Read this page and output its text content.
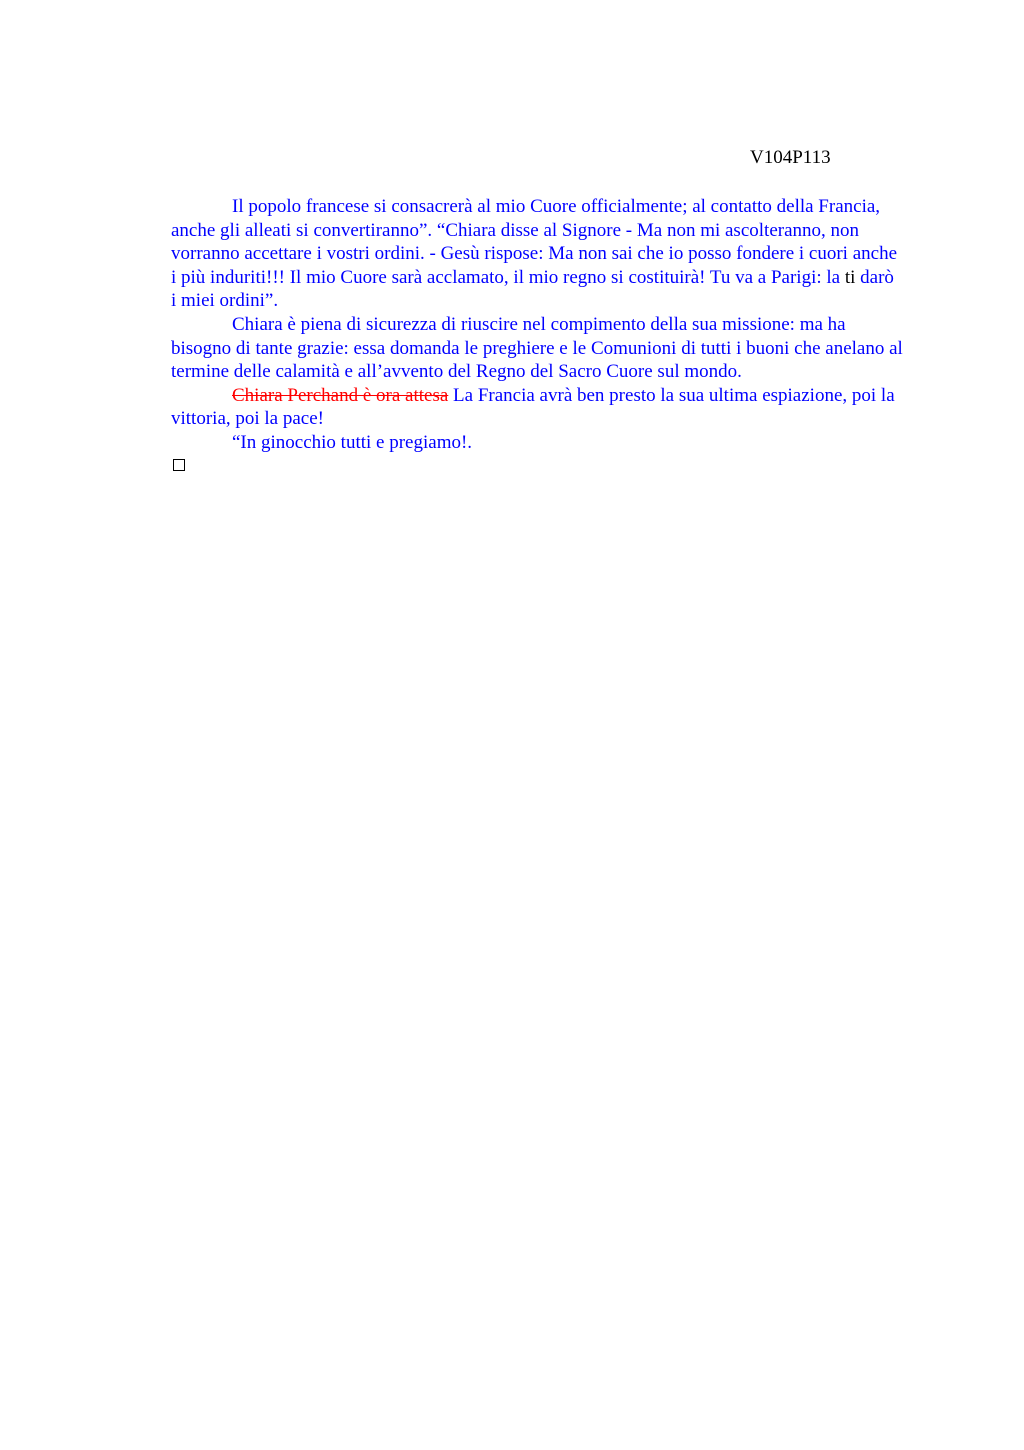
V104P113

Il popolo francese si consacrerà al mio Cuore officialmente; al contatto della Francia, anche gli alleati si convertiranno”. “Chiara disse al Signore - Ma non mi ascolteranno, non vorranno accettare i vostri ordini. - Gesù rispose: Ma non sai che io posso fondere i cuori anche i più induriti!!! Il mio Cuore sarà acclamato, il mio regno si costituirà! Tu va a Parigi: la ti darò i miei ordini”.

Chiara è piena di sicurezza di riuscire nel compimento della sua missione: ma ha bisogno di tante grazie: essa domanda le preghiere e le Comunioni di tutti i buoni che anelano al termine delle calamità e all’avvento del Regno del Sacro Cuore sul mondo.

Chiara Perchand è ora attesa La Francia avrà ben presto la sua ultima espiazione, poi la vittoria, poi la pace!

“In ginocchio tutti e pregiamo!.
